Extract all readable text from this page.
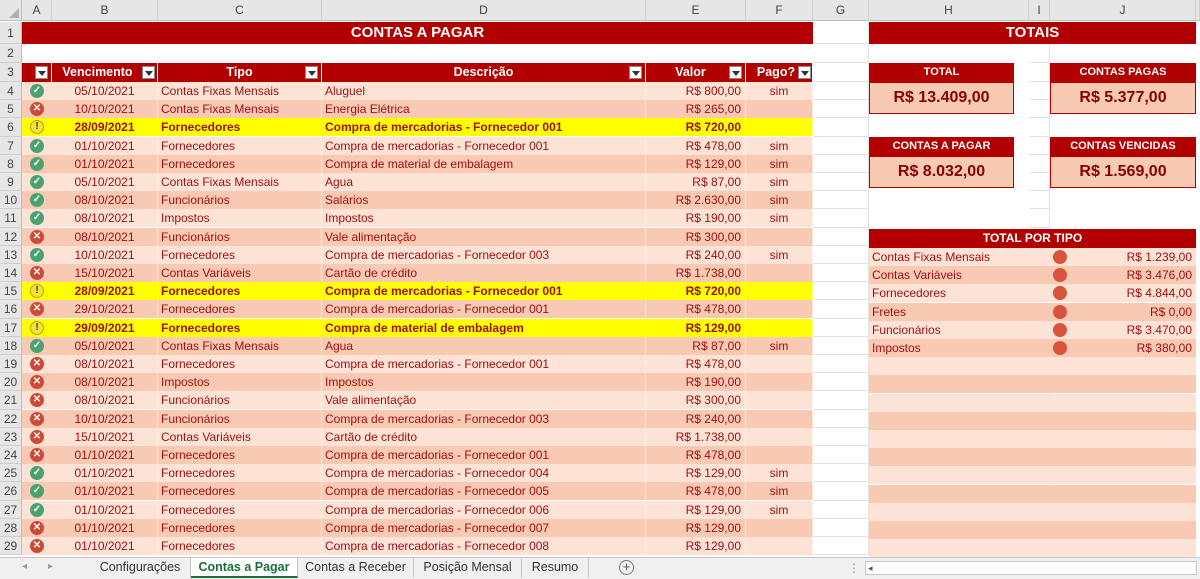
A	B	C	D	E	F	G	H	I	J
1
2
3
4
5
6
7
8
9
10
11
12
13
14
15
16
17
18
19
20
21
22
23
24
25
26
27
28
29
CONTAS A PAGAR	TOTAIS
Vencimento	Tipo	Descrição	Valor	Pago?
✓	05/10/2021	Contas Fixas Mensais	Aluguel	R$ 800,00	sim
✕	10/10/2021	Contas Fixas Mensais	Energia Elétrica	R$ 265,00
!	28/09/2021	Fornecedores	Compra de mercadorias - Fornecedor 001	R$ 720,00
✓	01/10/2021	Fornecedores	Compra de mercadorias - Fornecedor 001	R$ 478,00	sim
✓	01/10/2021	Fornecedores	Compra de material de embalagem	R$ 129,00	sim
✓	05/10/2021	Contas Fixas Mensais	Agua	R$ 87,00	sim
✓	08/10/2021	Funcionários	Salários	R$ 2.630,00	sim
✓	08/10/2021	Impostos	Impostos	R$ 190,00	sim
✕	08/10/2021	Funcionários	Vale alimentação	R$ 300,00
✓	10/10/2021	Fornecedores	Compra de mercadorias - Fornecedor 003	R$ 240,00	sim
✕	15/10/2021	Contas Variáveis	Cartão de crédito	R$ 1.738,00
!	28/09/2021	Fornecedores	Compra de mercadorias - Fornecedor 001	R$ 720,00
✕	29/10/2021	Fornecedores	Compra de mercadorias - Fornecedor 001	R$ 478,00
!	29/09/2021	Fornecedores	Compra de material de embalagem	R$ 129,00
✓	05/10/2021	Contas Fixas Mensais	Agua	R$ 87,00	sim
✕	08/10/2021	Fornecedores	Compra de mercadorias - Fornecedor 001	R$ 478,00
✕	08/10/2021	Impostos	Impostos	R$ 190,00
✕	08/10/2021	Funcionários	Vale alimentação	R$ 300,00
✕	10/10/2021	Funcionários	Compra de mercadorias - Fornecedor 003	R$ 240,00
✕	15/10/2021	Contas Variáveis	Cartão de crédito	R$ 1.738,00
✕	01/10/2021	Fornecedores	Compra de mercadorias - Fornecedor 001	R$ 478,00
✓	01/10/2021	Fornecedores	Compra de mercadorias - Fornecedor 004	R$ 129,00	sim
✓	01/10/2021	Fornecedores	Compra de mercadorias - Fornecedor 005	R$ 478,00	sim
✓	01/10/2021	Fornecedores	Compra de mercadorias - Fornecedor 006	R$ 129,00	sim
✕	01/10/2021	Fornecedores	Compra de mercadorias - Fornecedor 007	R$ 129,00
✕	01/10/2021	Fornecedores	Compra de mercadorias - Fornecedor 008	R$ 129,00
TOTAL
R$ 13.409,00
CONTAS PAGAS
R$ 5.377,00
CONTAS A PAGAR
R$ 8.032,00
CONTAS VENCIDAS
R$ 1.569,00
TOTAL POR TIPO
Contas Fixas Mensais	R$ 1.239,00
Contas Variáveis	R$ 3.476,00
Fornecedores	R$ 4.844,00
Fretes	R$ 0,00
Funcionários	R$ 3.470,00
Impostos	R$ 380,00
◂ ▸	Configurações	Contas a Pagar	Contas a Receber	Posição Mensal	Resumo	+	⋮ ◂
